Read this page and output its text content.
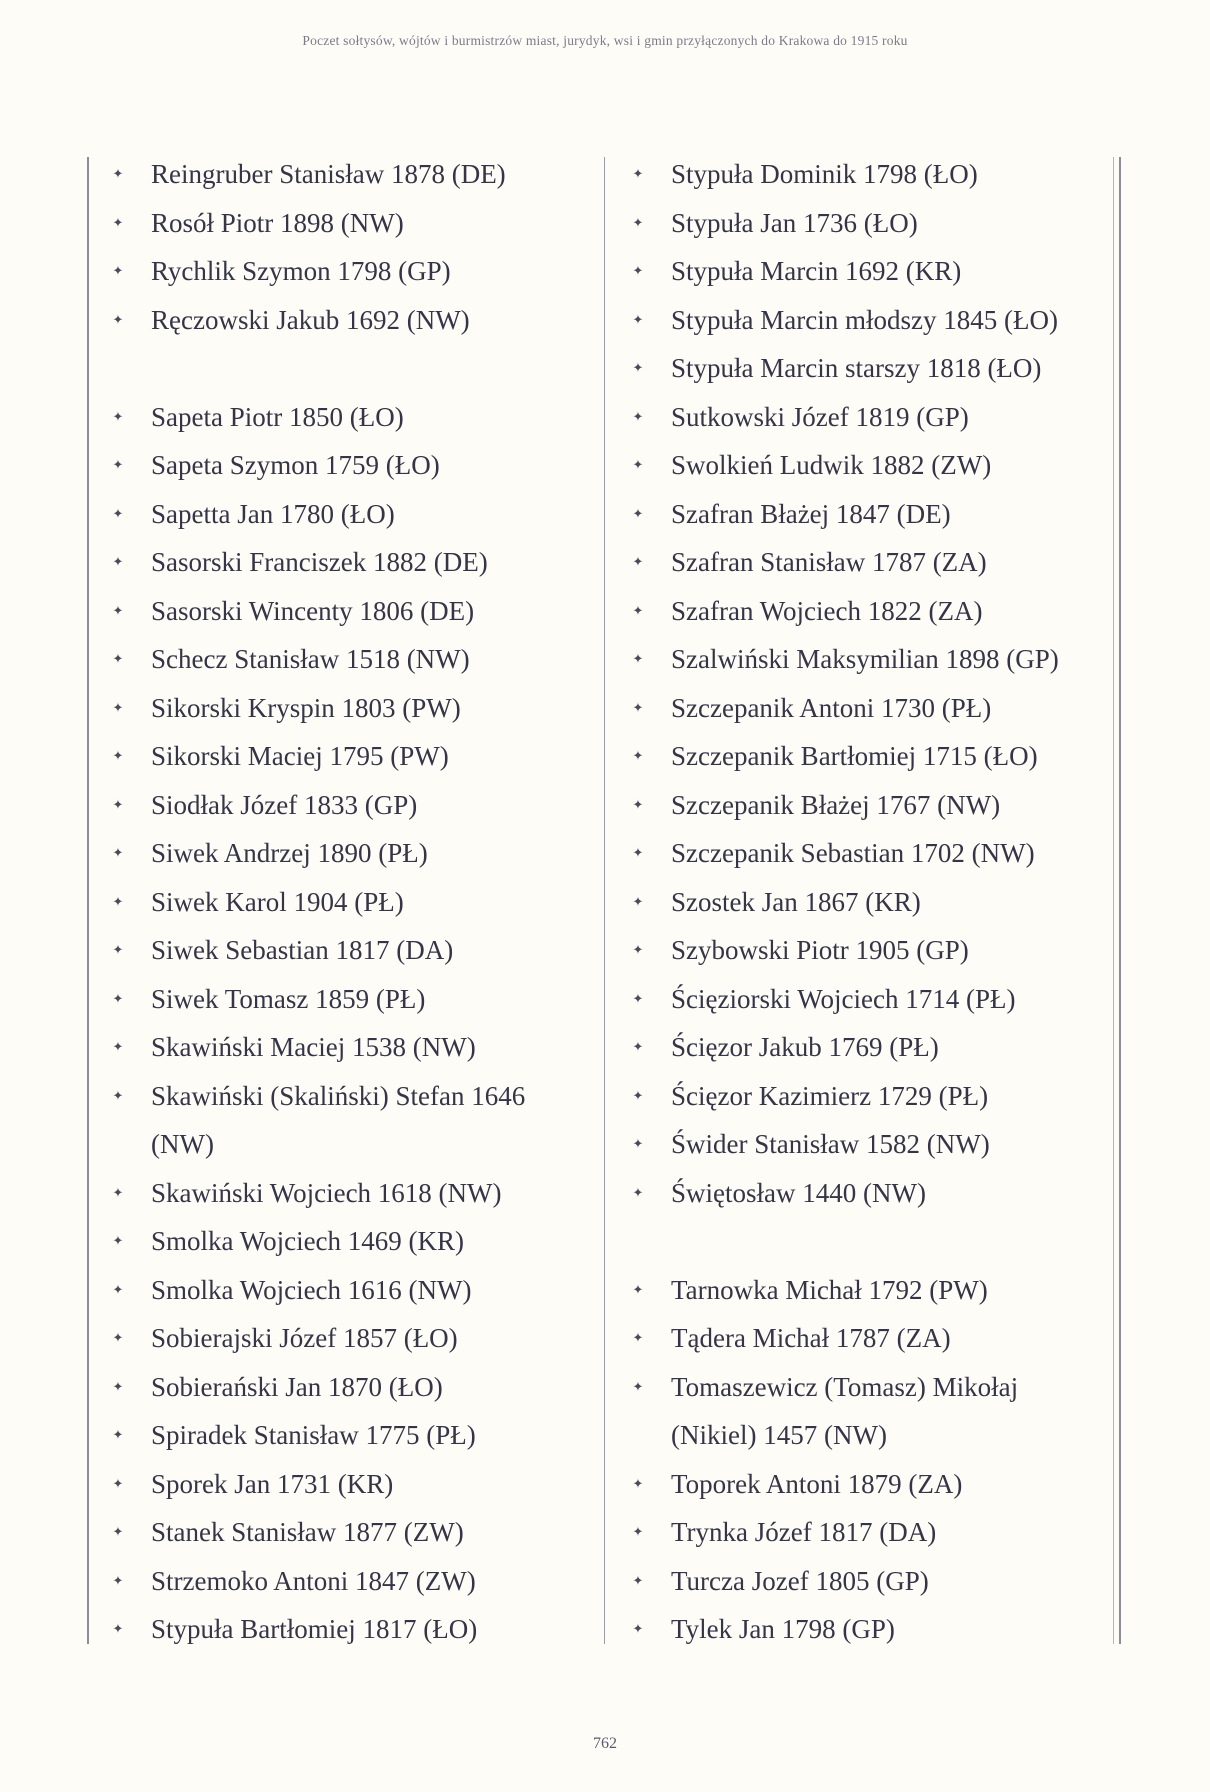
Poczet sołtysów, wójtów i burmistrzów miast, jurydyk, wsi i gmin przyłączonych do Krakowa do 1915 roku
✦ Reingruber Stanisław 1878 (DE)
✦ Rosół Piotr 1898 (NW)
✦ Rychlik Szymon 1798 (GP)
✦ Ręczowski Jakub 1692 (NW)
✦ Sapeta Piotr 1850 (ŁO)
✦ Sapeta Szymon 1759 (ŁO)
✦ Sapetta Jan 1780 (ŁO)
✦ Sasorski Franciszek 1882 (DE)
✦ Sasorski Wincenty 1806 (DE)
✦ Schecz Stanisław 1518 (NW)
✦ Sikorski Kryspin 1803 (PW)
✦ Sikorski Maciej 1795 (PW)
✦ Siodłak Józef 1833 (GP)
✦ Siwek Andrzej 1890 (PŁ)
✦ Siwek Karol 1904 (PŁ)
✦ Siwek Sebastian 1817 (DA)
✦ Siwek Tomasz 1859 (PŁ)
✦ Skawiński Maciej 1538 (NW)
✦ Skawiński (Skaliński) Stefan 1646 (NW)
✦ Skawiński Wojciech 1618 (NW)
✦ Smolka Wojciech 1469 (KR)
✦ Smolka Wojciech 1616 (NW)
✦ Sobierajski Józef 1857 (ŁO)
✦ Sobierański Jan 1870 (ŁO)
✦ Spiradek Stanisław 1775 (PŁ)
✦ Sporek Jan 1731 (KR)
✦ Stanek Stanisław 1877 (ZW)
✦ Strzemoko Antoni 1847 (ZW)
✦ Stypuła Bartłomiej 1817 (ŁO)
✦ Stypuła Dominik 1798 (ŁO)
✦ Stypuła Jan 1736 (ŁO)
✦ Stypuła Marcin 1692 (KR)
✦ Stypuła Marcin młodszy 1845 (ŁO)
✦ Stypuła Marcin starszy 1818 (ŁO)
✦ Sutkowski Józef 1819 (GP)
✦ Swolkień Ludwik 1882 (ZW)
✦ Szafran Błażej 1847 (DE)
✦ Szafran Stanisław 1787 (ZA)
✦ Szafran Wojciech 1822 (ZA)
✦ Szalwiński Maksymilian 1898 (GP)
✦ Szczepanik Antoni 1730 (PŁ)
✦ Szczepanik Bartłomiej 1715 (ŁO)
✦ Szczepanik Błażej 1767 (NW)
✦ Szczepanik Sebastian 1702 (NW)
✦ Szostek Jan 1867 (KR)
✦ Szybowski Piotr 1905 (GP)
✦ Ścięziorski Wojciech 1714 (PŁ)
✦ Ścięzor Jakub 1769 (PŁ)
✦ Ścięzor Kazimierz 1729 (PŁ)
✦ Świder Stanisław 1582 (NW)
✦ Świętosław 1440 (NW)
✦ Tarnowka Michał 1792 (PW)
✦ Tądera Michał 1787 (ZA)
✦ Tomaszewicz (Tomasz) Mikołaj (Nikiel) 1457 (NW)
✦ Toporek Antoni 1879 (ZA)
✦ Trynka Józef 1817 (DA)
✦ Turcza Jozef 1805 (GP)
✦ Tylek Jan 1798 (GP)
762
